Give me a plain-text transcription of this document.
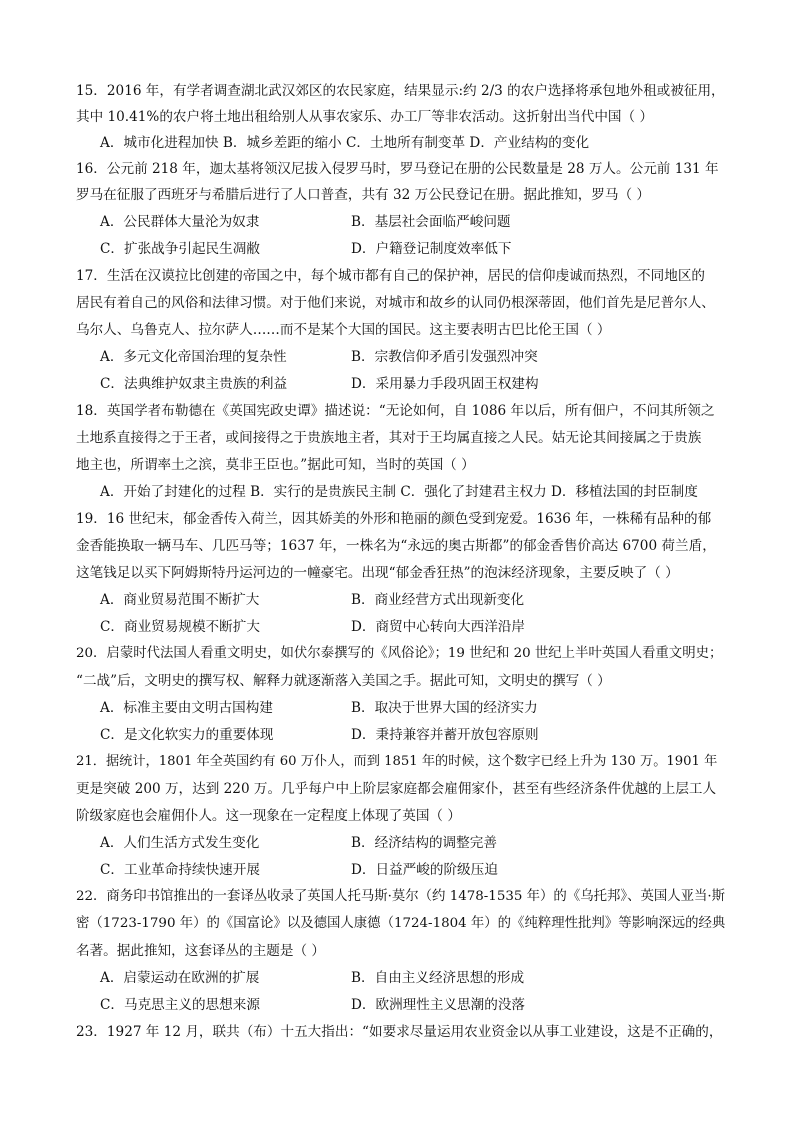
15．2016 年，有学者调查湖北武汉郊区的农民家庭，结果显示:约 2/3 的农户选择将承包地外租或被征用，
其中 10.41%的农户将土地出租给别人从事农家乐、办工厂等非农活动。这折射出当代中国（ ）
A．城市化进程加快 B．城乡差距的缩小 C．土地所有制变革 D．产业结构的变化
16．公元前 218 年，迦太基将领汉尼拔入侵罗马时，罗马登记在册的公民数量是 28 万人。公元前 131 年
罗马在征服了西班牙与希腊后进行了人口普查，共有 32 万公民登记在册。据此推知，罗马（ ）
A．公民群体大量沦为奴隶	B．基层社会面临严峻问题
C．扩张战争引起民生凋敝	D．户籍登记制度效率低下
17．生活在汉谟拉比创建的帝国之中，每个城市都有自己的保护神，居民的信仰虔诚而热烈，不同地区的
居民有着自己的风俗和法律习惯。对于他们来说，对城市和故乡的认同仍根深蒂固，他们首先是尼普尔人、
乌尔人、乌鲁克人、拉尔萨人……而不是某个大国的国民。这主要表明古巴比伦王国（ ）
A．多元文化帝国治理的复杂性	B．宗教信仰矛盾引发强烈冲突
C．法典维护奴隶主贵族的利益	D．采用暴力手段巩固王权建构
18．英国学者布勒德在《英国宪政史谭》描述说：“无论如何，自 1086 年以后，所有佃户，不问其所领之
土地系直接得之于王者，或间接得之于贵族地主者，其对于王均属直接之人民。姑无论其间接属之于贵族
地主也，所谓率土之滨，莫非王臣也。”据此可知，当时的英国（ ）
A．开始了封建化的过程 B．实行的是贵族民主制 C．强化了封建君主权力 D．移植法国的封臣制度
19．16 世纪末，郁金香传入荷兰，因其娇美的外形和艳丽的颜色受到宠爱。1636 年，一株稀有品种的郁
金香能换取一辆马车、几匹马等；1637 年，一株名为“永远的奥古斯都”的郁金香售价高达 6700 荷兰盾，
这笔钱足以买下阿姆斯特丹运河边的一幢豪宅。出现“郁金香狂热”的泡沫经济现象，主要反映了（ ）
A．商业贸易范围不断扩大	B．商业经营方式出现新变化
C．商业贸易规模不断扩大	D．商贸中心转向大西洋沿岸
20．启蒙时代法国人看重文明史，如伏尔泰撰写的《风俗论》；19 世纪和 20 世纪上半叶英国人看重文明史；
“二战”后，文明史的撰写权、解释力就逐渐落入美国之手。据此可知，文明史的撰写（ ）
A．标准主要由文明古国构建	B．取决于世界大国的经济实力
C．是文化软实力的重要体现	D．秉持兼容并蓄开放包容原则
21．据统计，1801 年全英国约有 60 万仆人，而到 1851 年的时候，这个数字已经上升为 130 万。1901 年
更是突破 200 万，达到 220 万。几乎每户中上阶层家庭都会雇佣家仆，甚至有些经济条件优越的上层工人
阶级家庭也会雇佣仆人。这一现象在一定程度上体现了英国（ ）
A．人们生活方式发生变化	B．经济结构的调整完善
C．工业革命持续快速开展	D．日益严峻的阶级压迫
22．商务印书馆推出的一套译丛收录了英国人托马斯·莫尔（约 1478-1535 年）的《乌托邦》、英国人亚当·斯
密（1723-1790 年）的《国富论》以及德国人康德（1724-1804 年）的《纯粹理性批判》等影响深远的经典
名著。据此推知，这套译丛的主题是（ ）
A．启蒙运动在欧洲的扩展	B．自由主义经济思想的形成
C．马克思主义的思想来源	D．欧洲理性主义思潮的没落
23．1927 年 12 月，联共（布）十五大指出：“如要求尽量运用农业资金以从事工业建设，这是不正确的，
